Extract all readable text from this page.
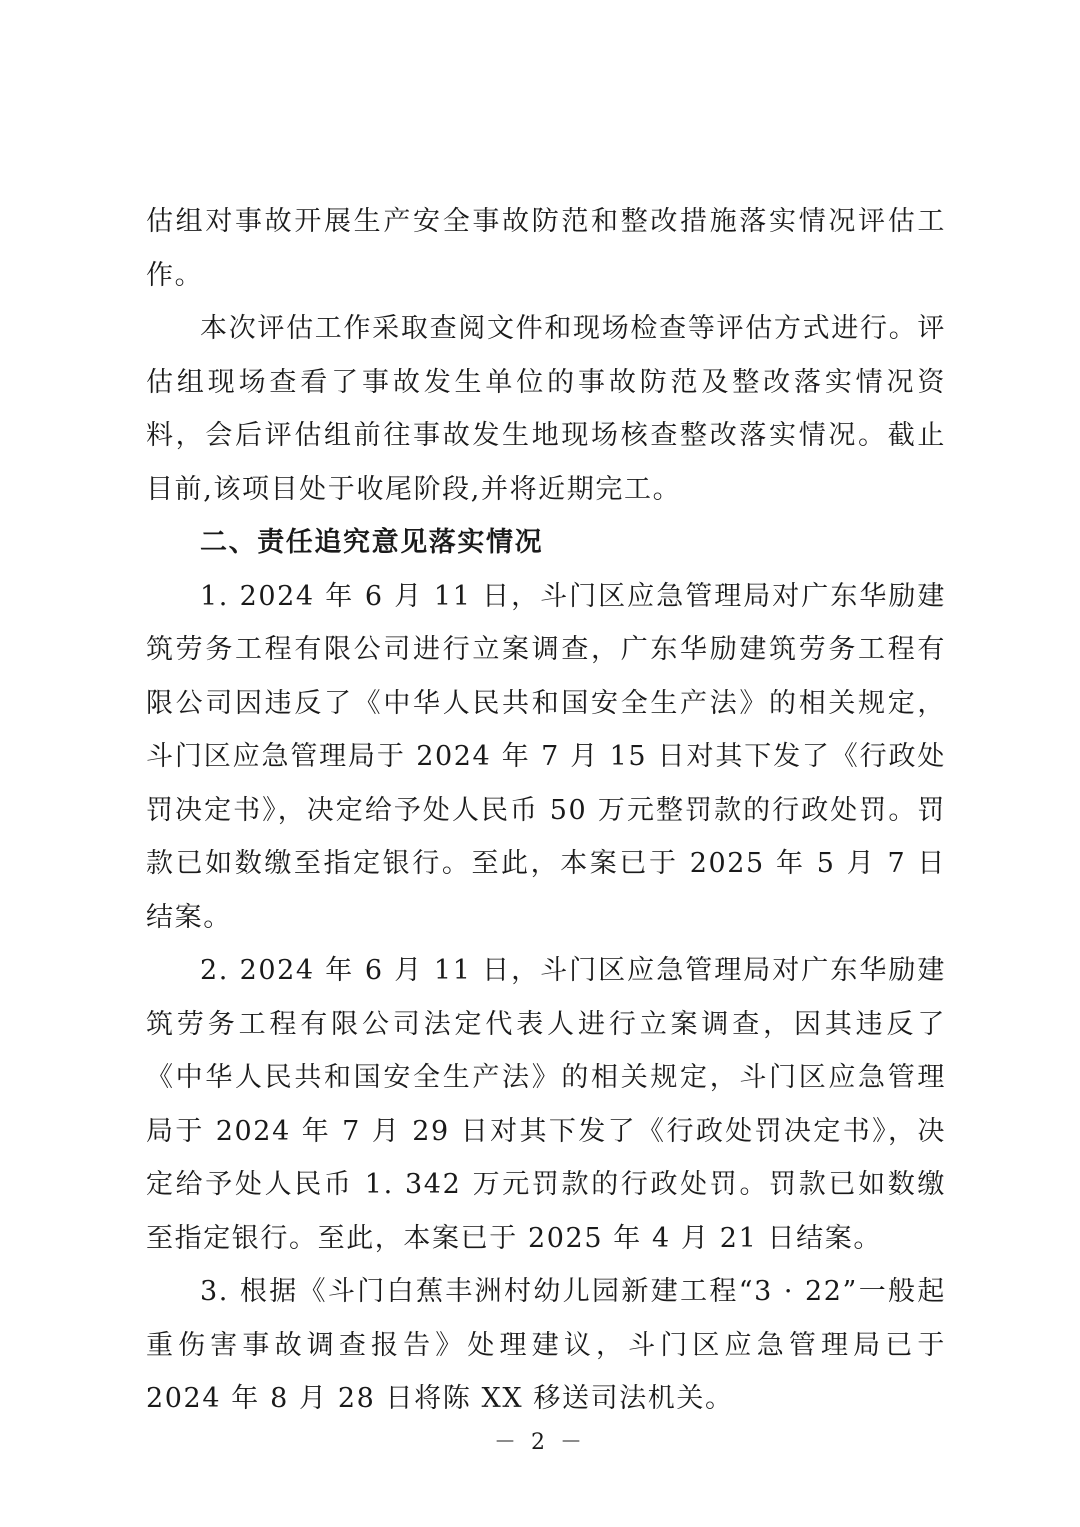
估组对事故开展生产安全事故防范和整改措施落实情况评估工作。

本次评估工作采取查阅文件和现场检查等评估方式进行。评估组现场查看了事故发生单位的事故防范及整改落实情况资料，会后评估组前往事故发生地现场核查整改落实情况。截止目前,该项目处于收尾阶段,并将近期完工。

二、责任追究意见落实情况

1. 2024 年 6 月 11 日，斗门区应急管理局对广东华励建筑劳务工程有限公司进行立案调查，广东华励建筑劳务工程有限公司因违反了《中华人民共和国安全生产法》的相关规定，斗门区应急管理局于 2024 年 7 月 15 日对其下发了《行政处罚决定书》，决定给予处人民币 50 万元整罚款的行政处罚。罚款已如数缴至指定银行。至此，本案已于 2025 年 5 月 7 日结案。

2. 2024 年 6 月 11 日，斗门区应急管理局对广东华励建筑劳务工程有限公司法定代表人进行立案调查，因其违反了《中华人民共和国安全生产法》的相关规定，斗门区应急管理局于 2024 年 7 月 29 日对其下发了《行政处罚决定书》，决定给予处人民币 1. 342 万元罚款的行政处罚。罚款已如数缴至指定银行。至此，本案已于 2025 年 4 月 21 日结案。

3. 根据《斗门白蕉丰洲村幼儿园新建工程“3 · 22”一般起重伤害事故调查报告》处理建议，斗门区应急管理局已于 2024 年 8 月 28 日将陈 XX 移送司法机关。

－ 2 －
